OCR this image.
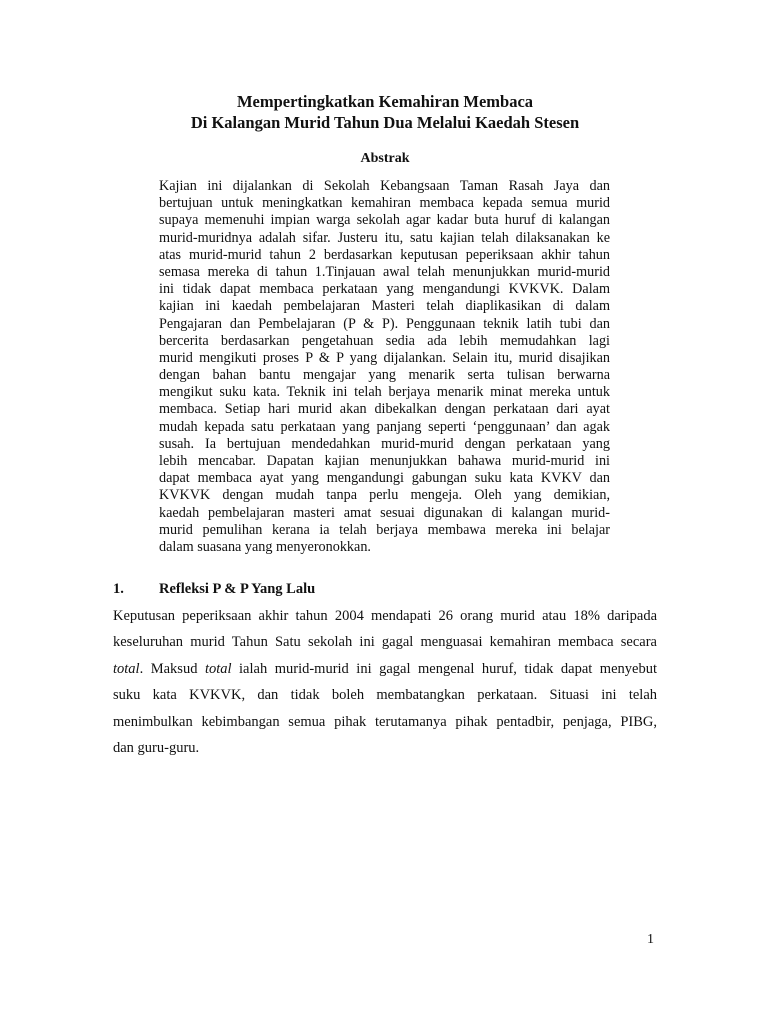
Mempertingkatkan Kemahiran Membaca
Di Kalangan Murid Tahun Dua Melalui Kaedah Stesen
Abstrak
Kajian ini dijalankan di Sekolah Kebangsaan Taman Rasah Jaya dan
bertujuan untuk meningkatkan kemahiran membaca kepada semua murid
supaya memenuhi impian warga sekolah agar kadar buta huruf di kalangan
murid-muridnya adalah sifar. Justeru itu, satu kajian telah dilaksanakan ke
atas murid-murid tahun 2 berdasarkan keputusan peperiksaan akhir tahun
semasa mereka di tahun 1.Tinjauan awal telah menunjukkan murid-murid
ini tidak dapat membaca perkataan yang mengandungi KVKVK. Dalam
kajian ini kaedah pembelajaran Masteri telah diaplikasikan di dalam
Pengajaran dan Pembelajaran (P & P). Penggunaan teknik latih tubi dan
bercerita berdasarkan pengetahuan sedia ada lebih memudahkan lagi
murid mengikuti proses P & P yang dijalankan. Selain itu, murid disajikan
dengan bahan bantu mengajar yang menarik serta tulisan berwarna
mengikut suku kata. Teknik ini telah berjaya menarik minat mereka untuk
membaca. Setiap hari murid akan dibekalkan dengan perkataan dari ayat
mudah kepada satu perkataan yang panjang seperti ‘penggunaan’ dan agak
susah. Ia bertujuan mendedahkan murid-murid dengan perkataan yang
lebih mencabar. Dapatan kajian menunjukkan bahawa murid-murid ini
dapat membaca ayat yang mengandungi gabungan suku kata KVKV dan
KVKVK dengan mudah tanpa perlu mengeja. Oleh yang demikian,
kaedah pembelajaran masteri amat sesuai digunakan di kalangan murid-
murid pemulihan kerana ia telah berjaya membawa mereka ini belajar
dalam suasana yang menyeronokkan.
1. Refleksi P & P Yang Lalu
Keputusan peperiksaan akhir tahun 2004 mendapati 26 orang murid atau 18% daripada
keseluruhan murid Tahun Satu sekolah ini gagal menguasai kemahiran membaca secara
total. Maksud total ialah murid-murid ini gagal mengenal huruf, tidak dapat menyebut
suku kata KVKVK, dan tidak boleh membatangkan perkataan. Situasi ini telah
menimbulkan kebimbangan semua pihak terutamanya pihak pentadbir, penjaga, PIBG,
dan guru-guru.
1
